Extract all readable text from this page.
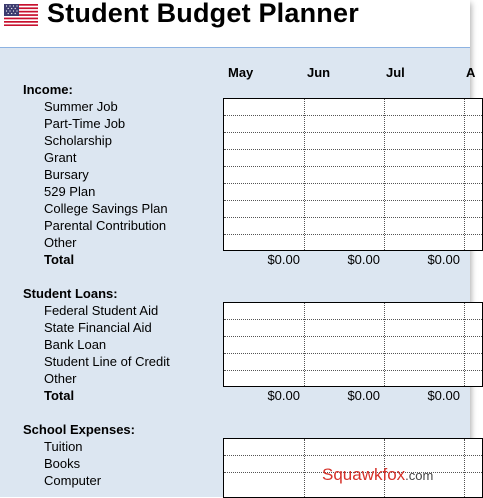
Student Budget Planner
May	Jun	Jul	A
Income:
Summer Job
Part-Time Job
Scholarship
Grant
Bursary
529 Plan
College Savings Plan
Parental Contribution
Other
Total	$0.00	$0.00	$0.00
Student Loans:
Federal Student Aid
State Financial Aid
Bank Loan
Student Line of Credit
Other
Total	$0.00	$0.00	$0.00
School Expenses:
Tuition
Books
Computer	Squawkfox.com
